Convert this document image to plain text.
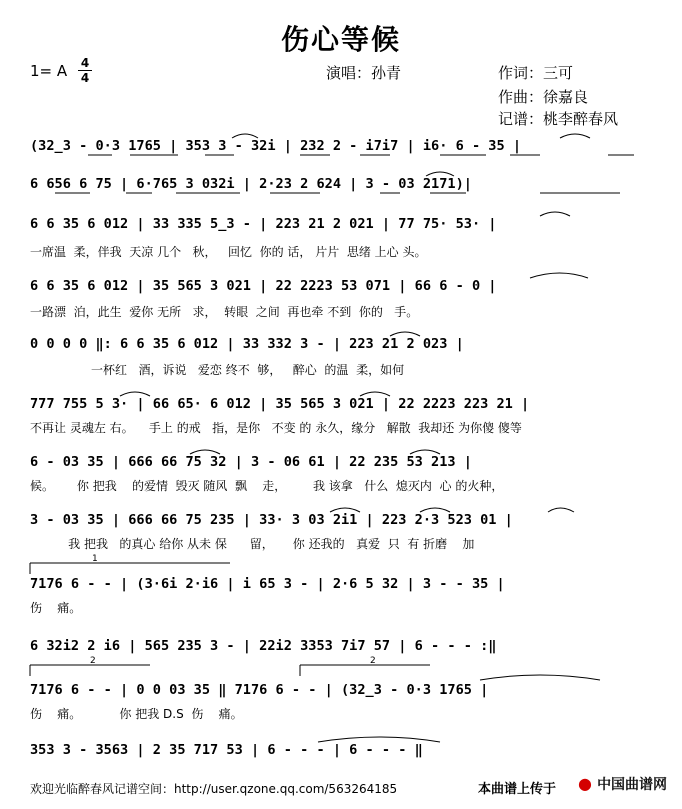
伤心等候
1= A 4
4	演唱：孙青	作词：三可
作曲：徐嘉良
记谱：桃李醉春风
(32̲3 - 0·3 1765 | 353 3 - 32i | 232 2 - i7i7 | i6· 6 - 35 |
6 656 6 75 | 6·765 3 032i | 2·23 2 624 | 3 - 03 2171)|
6 6 35 6 012 | 33 335 5̲3 - | 223 21 2 021 | 77 75· 53· |
一席温  柔，伴我  天凉 几个   秋，   回忆  你的 话， 片片  思绪 上心 头。
6 6 35 6 012 | 35 565 3 021 | 22 2223 53 071 | 66 6 - 0 |
一路漂  泊，此生  爱你 无所   求，  转眼  之间  再也牵 不到  你的   手。
0 0 0 0 ‖: 6 6 35 6 012 | 33 332 3 - | 223 21 2 023 |
一杯红   酒，诉说   爱恋 终不  够，   醉心  的温  柔，如何
777 755 5 3· | 66 65· 6 012 | 35 565 3 021 | 22 2223 223 21 |
不再让 灵魂左 右。    手上 的戒   指，是你   不变 的 永久，缘分   解散  我却还 为你傻 傻等
6 - 03 35 | 666 66 75 32 | 3 - 06 61 | 22 235 53 213 |
候。      你 把我    的爱情  毁灭 随风  飘    走，       我 该拿   什么  熄灭内  心 的火种，
3 - 03 35 | 666 66 75 235 | 33· 3 03 2i1 | 223 2·3 523 01 |
我 把我   的真心 给你 从未 保      留，     你 还我的   真爱  只  有 折磨    加
1
7176 6 - - | (3·6i 2·i6 | i 65 3 - | 2·6 5 32 | 3 - - 35 |
伤    痛。
6 32i2 2 i6 | 565 235 3 - | 22i2 3353 7i7 57 | 6 - - - :‖
2	2
7176 6 - - | 0 0 03 35 ‖ 7176 6 - - | (32̲3 - 0·3 1765 |
伤    痛。          你 把我 D.S  伤    痛。
353 3 - 3563 | 2 35 717 53 | 6 - - - | 6 - - - ‖
欢迎光临醉春风记谱空间：http://user.qzone.qq.com/563264185	本曲谱上传于 ● 中国曲谱网
